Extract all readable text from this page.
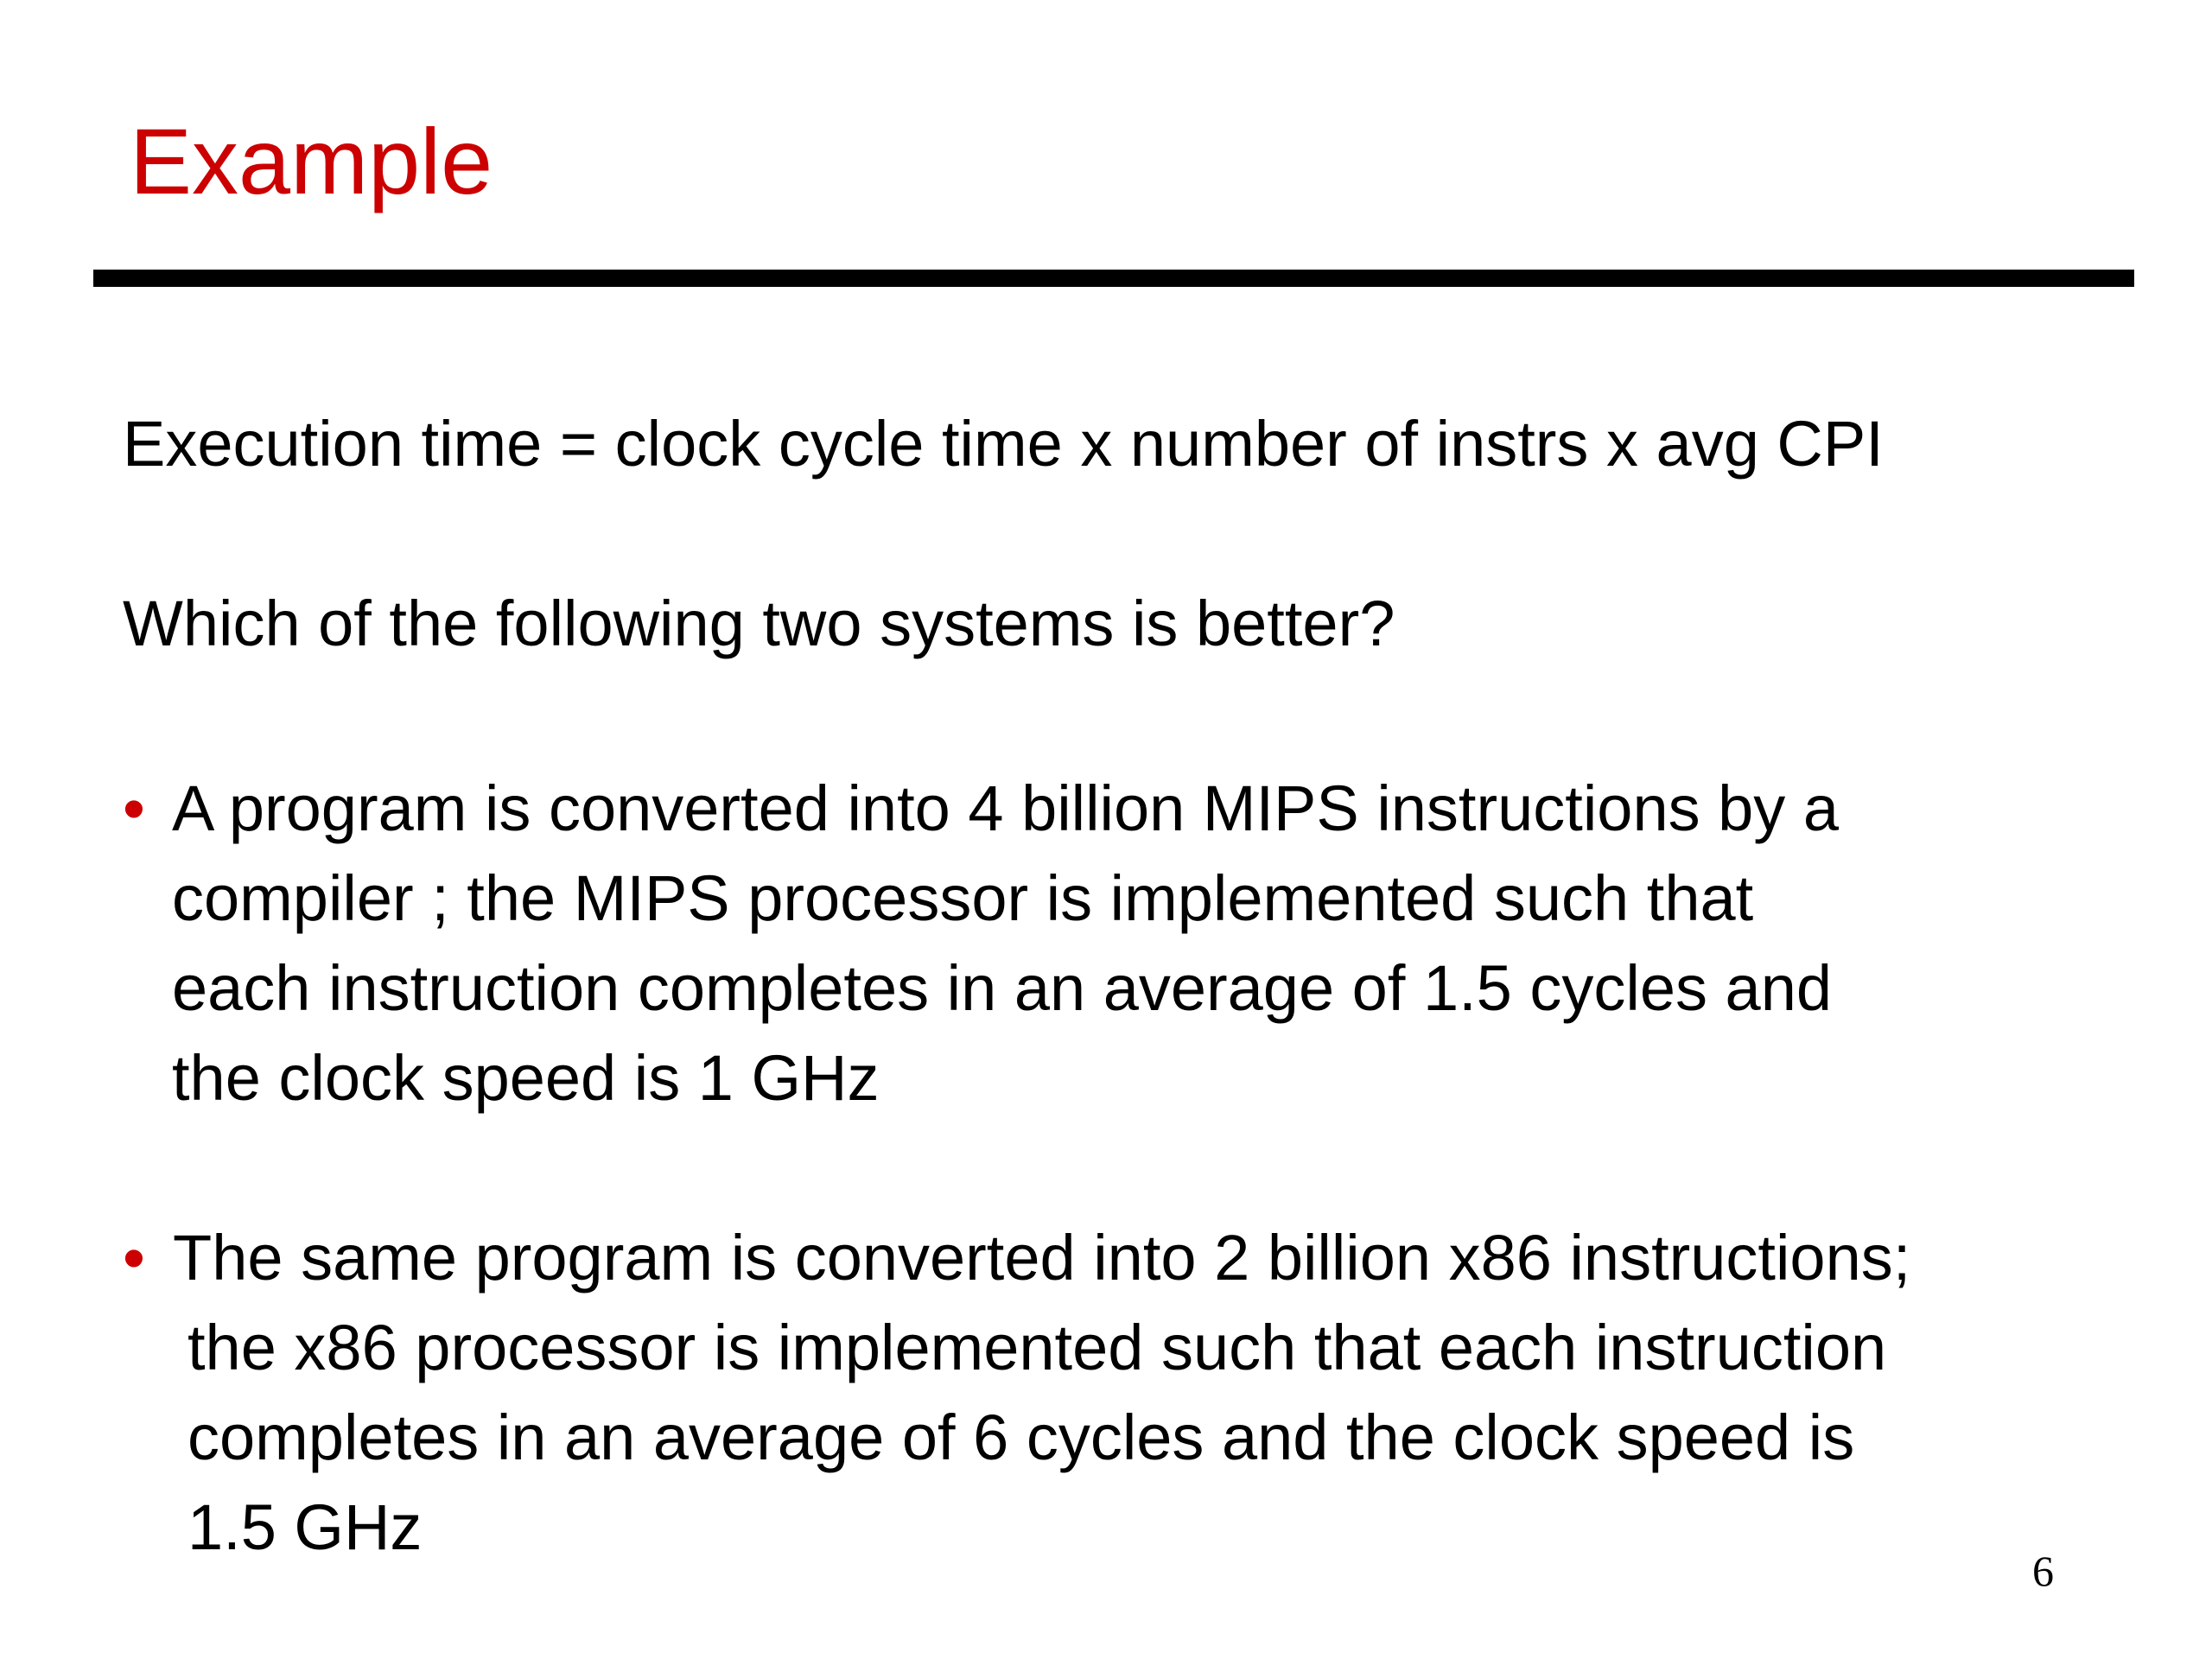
Example

Execution time = clock cycle time x number of instrs x avg CPI

Which of the following two systems is better?

• A program is converted into 4 billion MIPS instructions by a
compiler ; the MIPS processor is implemented such that
each instruction completes in an average of 1.5 cycles and
the clock speed is 1 GHz

• The same program is converted into 2 billion x86 instructions;
the x86 processor is implemented such that each instruction
completes in an average of 6 cycles and the clock speed is
1.5 GHz

6
